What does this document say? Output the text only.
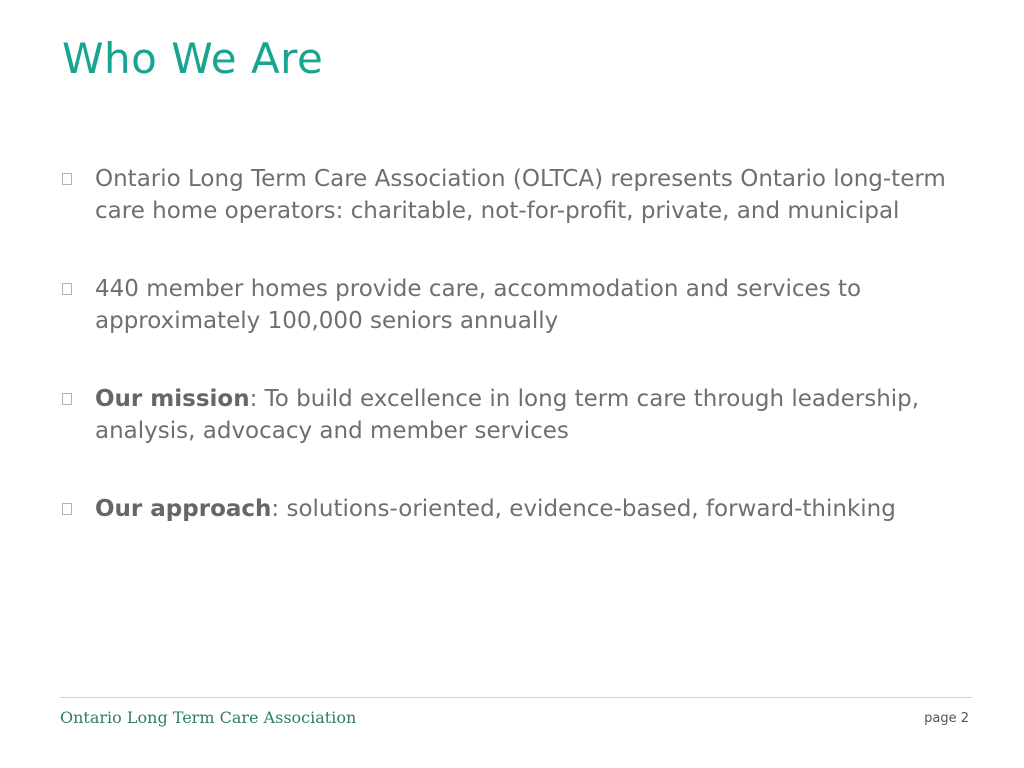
Who We Are
Ontario Long Term Care Association (OLTCA) represents Ontario long-term care home operators: charitable, not-for-profit, private, and municipal
440 member homes provide care, accommodation and services to approximately 100,000 seniors annually
Our mission: To build excellence in long term care through leadership, analysis, advocacy and member services
Our approach: solutions-oriented, evidence-based, forward-thinking
Ontario Long Term Care Association	page 2
